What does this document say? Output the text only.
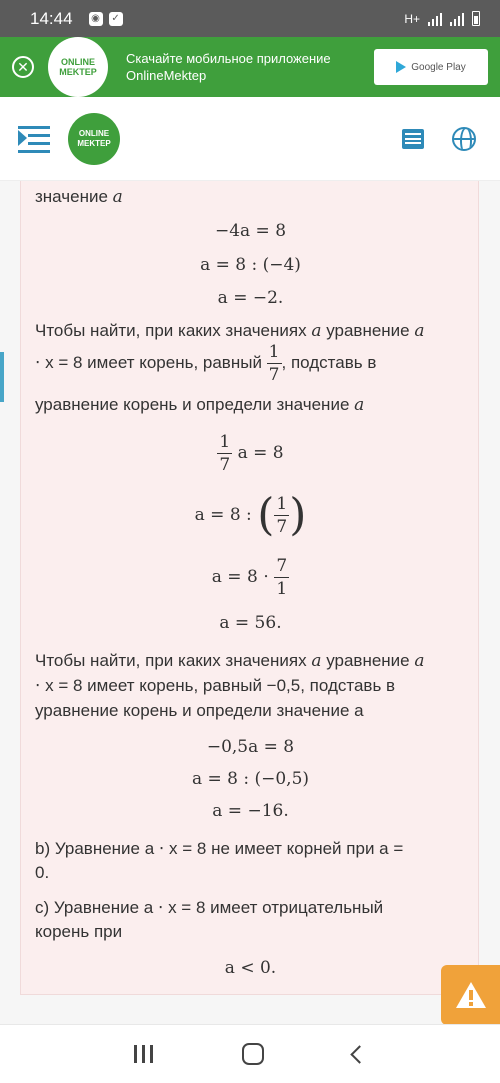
14:44 ◉ ✓	H+
✕	ONLINE
MEKTEP
Скачайте мобильное приложение
OnlineMektep
Google Play
ONLINE
MEKTEP
значение a
−4a = 8
a = 8 : (−4)
a = −2.
Чтобы найти, при каких значениях a уравнение a
⋅ x = 8 имеет корень, равный $\frac{1}{7}$ , подставь в
уравнение корень и определи значение a
$\frac{1}{7}$ a = 8
a = 8 : ( $\frac{1}{7}$ )
$a = 8 \cdot \frac{7}{1}$
a = 56.
Чтобы найти, при каких значениях a уравнение a
⋅ x = 8 имеет корень, равный −0,5, подставь в
уравнение корень и определи значение a
−0,5a = 8
a = 8 : (−0,5)
a = −16.
b) Уравнение a ⋅ x = 8 не имеет корней при a =
0.
c) Уравнение a ⋅ x = 8 имеет отрицательный
корень при
a < 0.
